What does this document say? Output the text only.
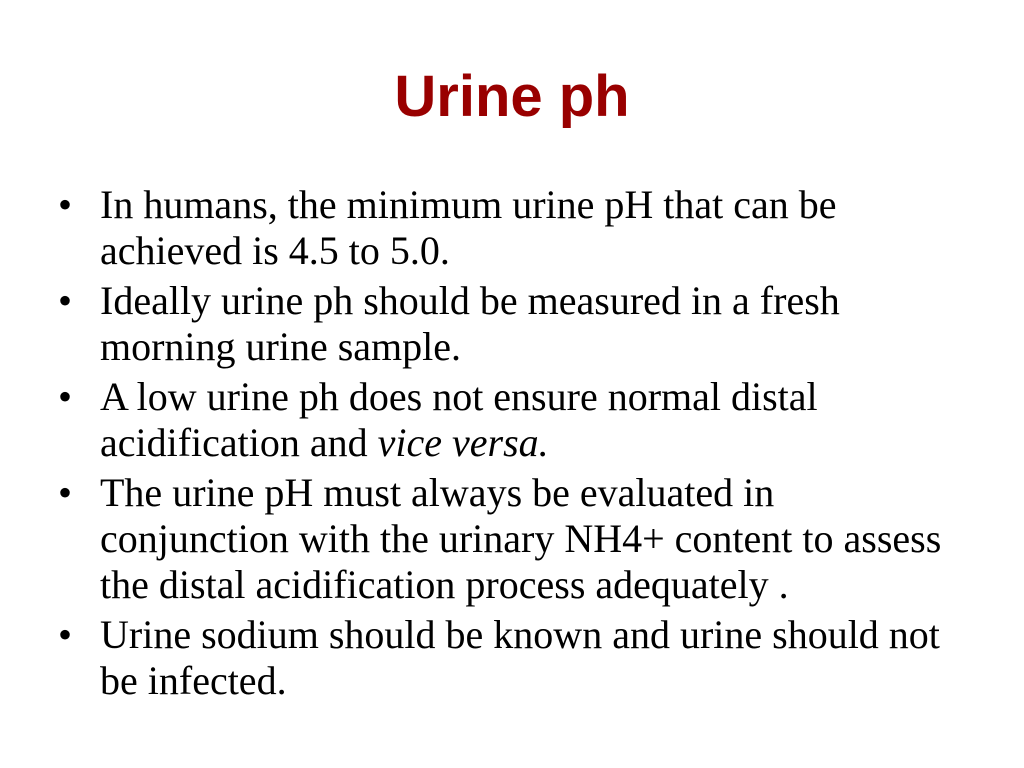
Urine ph
• In humans, the minimum urine pH that can be achieved is 4.5 to 5.0.
• Ideally urine ph should be measured in a fresh morning urine sample.
• A low urine ph does not ensure normal distal acidification and vice versa.
• The urine pH must always be evaluated in conjunction with the urinary NH4+ content to assess the distal acidification process adequately .
• Urine sodium should be known and urine should not be infected.
